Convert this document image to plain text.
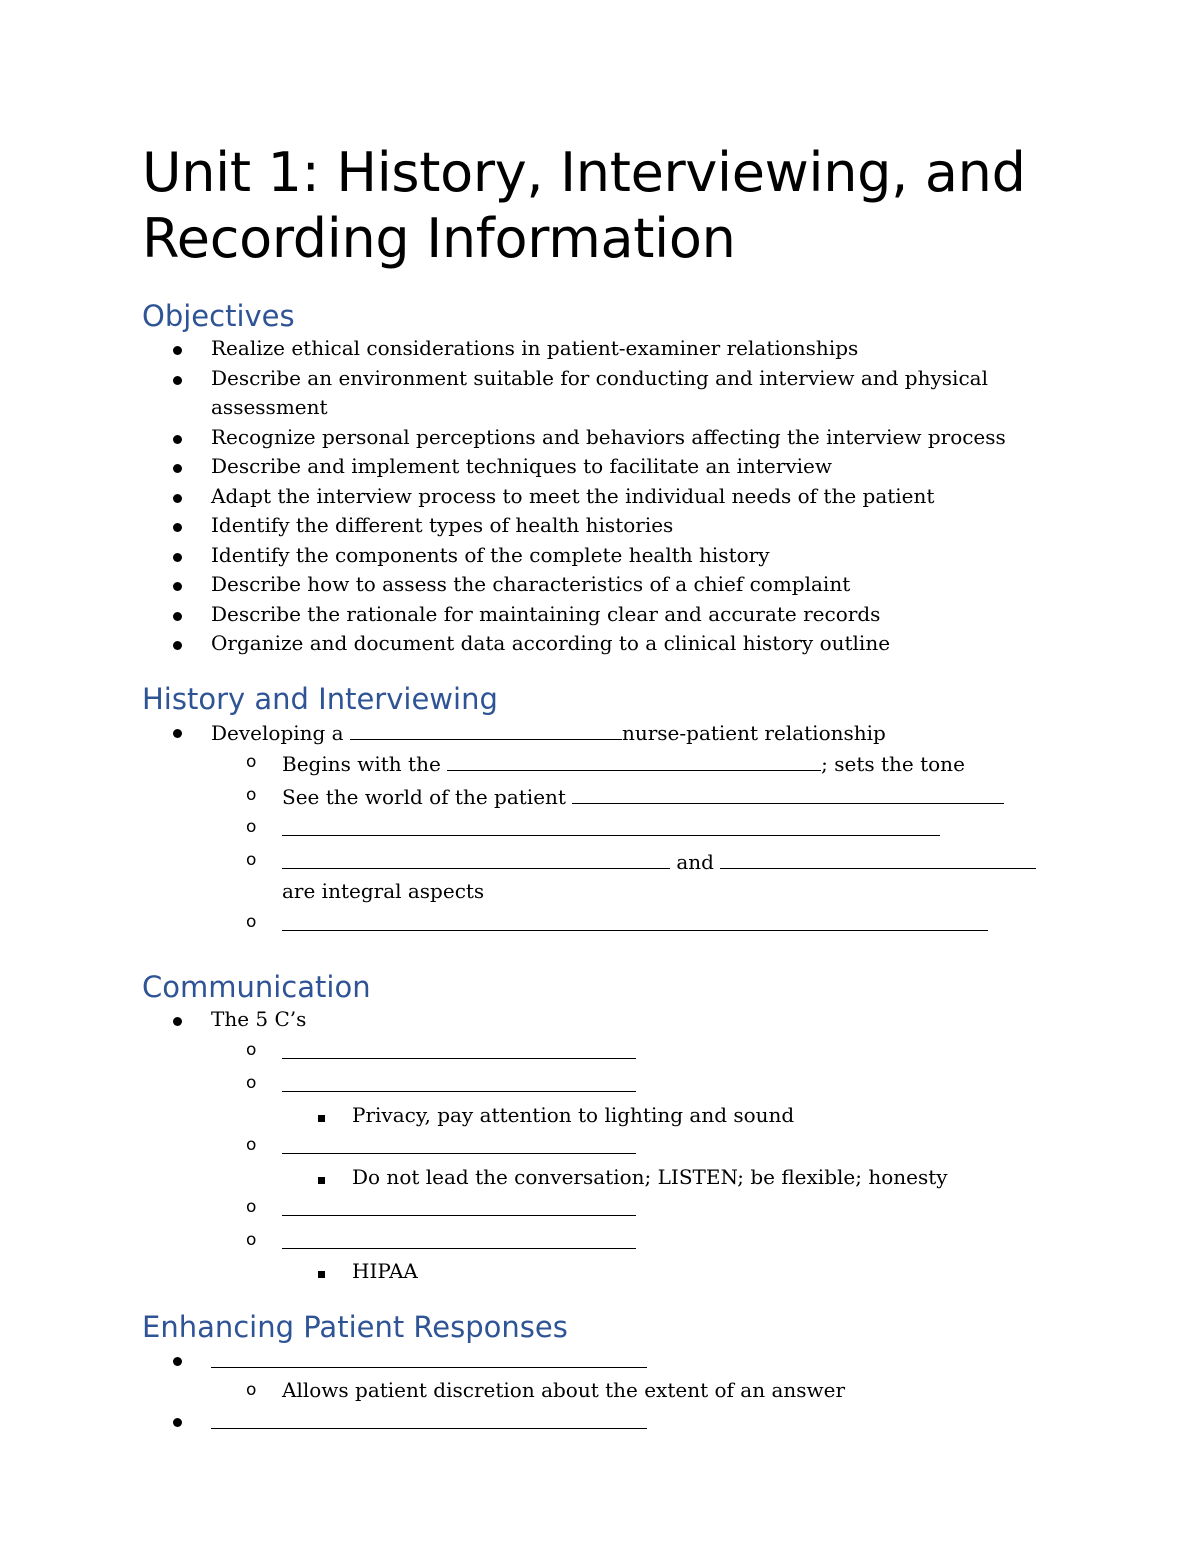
Unit 1: History, Interviewing, and
Recording Information
Objectives
Realize ethical considerations in patient-examiner relationships
Describe an environment suitable for conducting and interview and physical assessment
Recognize personal perceptions and behaviors affecting the interview process
Describe and implement techniques to facilitate an interview
Adapt the interview process to meet the individual needs of the patient
Identify the different types of health histories
Identify the components of the complete health history
Describe how to assess the characteristics of a chief complaint
Describe the rationale for maintaining clear and accurate records
Organize and document data according to a clinical history outline
History and Interviewing
Developing a	nurse-patient relationship
o Begins with the	; sets the tone
o See the world of the patient
o
o	and
are integral aspects
o
Communication
The 5 C’s
o
o
Privacy, pay attention to lighting and sound
o
Do not lead the conversation; LISTEN; be flexible; honesty
o
o
HIPAA
Enhancing Patient Responses
o Allows patient discretion about the extent of an answer
